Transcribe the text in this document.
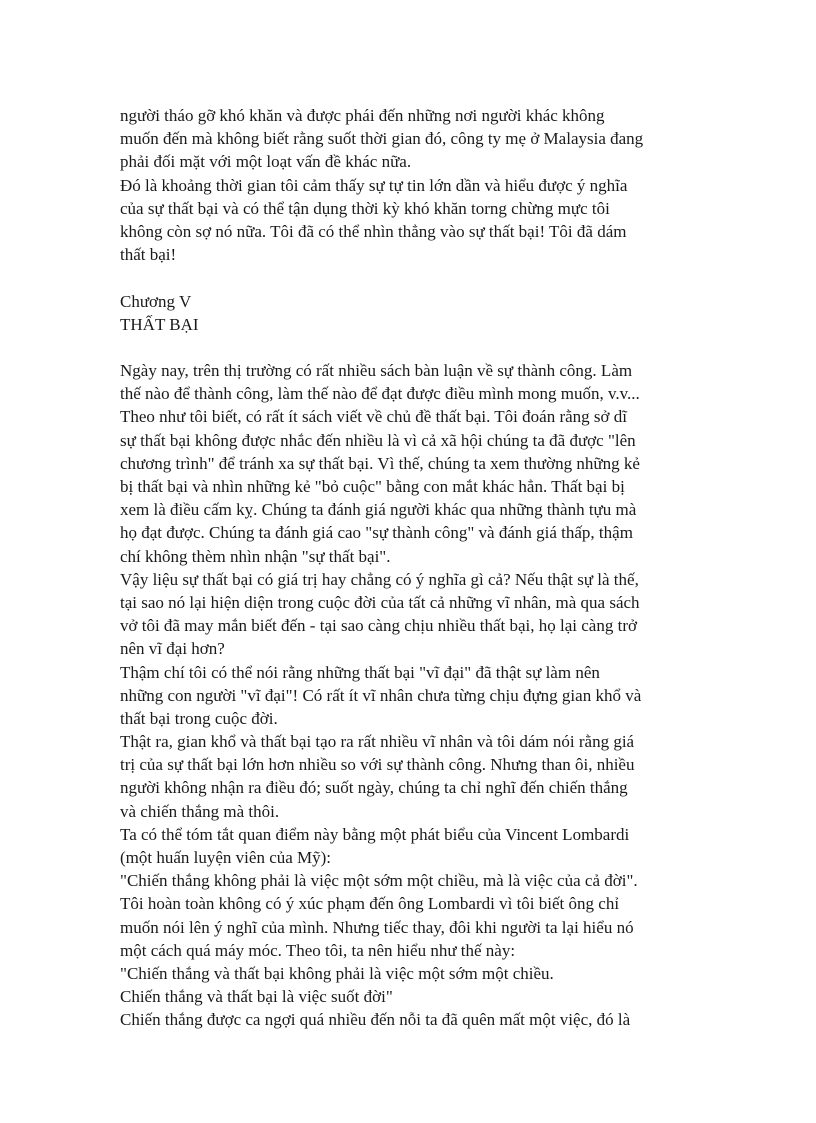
người tháo gỡ khó khăn và được phái đến những nơi người khác không
muốn đến mà không biết rằng suốt thời gian đó, công ty mẹ ở Malaysia đang
phải đối mặt với một loạt vấn đề khác nữa.
Đó là khoảng thời gian tôi cảm thấy sự tự tin lớn dần và hiểu được ý nghĩa
của sự thất bại và có thể tận dụng thời kỳ khó khăn torng chừng mực tôi
không còn sợ nó nữa. Tôi đã có thể nhìn thẳng vào sự thất bại! Tôi đã dám
thất bại!
Chương V
THẤT BẠI
Ngày nay, trên thị trường có rất nhiều sách bàn luận về sự thành công. Làm
thế nào để thành công, làm thế nào để đạt được điều mình mong muốn, v.v...
Theo như tôi biết, có rất ít sách viết về chủ đề thất bại. Tôi đoán rằng sở dĩ
sự thất bại không được nhắc đến nhiều là vì cả xã hội chúng ta đã được "lên
chương trình" để tránh xa sự thất bại. Vì thế, chúng ta xem thường những kẻ
bị thất bại và nhìn những kẻ "bỏ cuộc" bằng con mắt khác hẳn. Thất bại bị
xem là điều cấm kỵ. Chúng ta đánh giá người khác qua những thành tựu mà
họ đạt được. Chúng ta đánh giá cao "sự thành công" và đánh giá thấp, thậm
chí không thèm nhìn nhận "sự thất bại".
Vậy liệu sự thất bại có giá trị hay chẳng có ý nghĩa gì cả? Nếu thật sự là thế,
tại sao nó lại hiện diện trong cuộc đời của tất cả những vĩ nhân, mà qua sách
vở tôi đã may mắn biết đến - tại sao càng chịu nhiều thất bại, họ lại càng trở
nên vĩ đại hơn?
Thậm chí tôi có thể nói rằng những thất bại "vĩ đại" đã thật sự làm nên
những con người "vĩ đại"! Có rất ít vĩ nhân chưa từng chịu đựng gian khổ và
thất bại trong cuộc đời.
Thật ra, gian khổ và thất bại tạo ra rất nhiều vĩ nhân và tôi dám nói rằng giá
trị của sự thất bại lớn hơn nhiều so với sự thành công. Nhưng than ôi, nhiều
người không nhận ra điều đó; suốt ngày, chúng ta chỉ nghĩ đến chiến thắng
và chiến thắng mà thôi.
Ta có thể tóm tắt quan điểm này bằng một phát biểu của Vincent Lombardi
(một huấn luyện viên của Mỹ):
"Chiến thắng không phải là việc một sớm một chiều, mà là việc của cả đời".
Tôi hoàn toàn không có ý xúc phạm đến ông Lombardi vì tôi biết ông chỉ
muốn nói lên ý nghĩ của mình. Nhưng tiếc thay, đôi khi người ta lại hiểu nó
một cách quá máy móc. Theo tôi, ta nên hiểu như thế này:
"Chiến thắng và thất bại không phải là việc một sớm một chiều.
Chiến thắng và thất bại là việc suốt đời"
Chiến thắng được ca ngợi quá nhiều đến nỗi ta đã quên mất một việc, đó là
